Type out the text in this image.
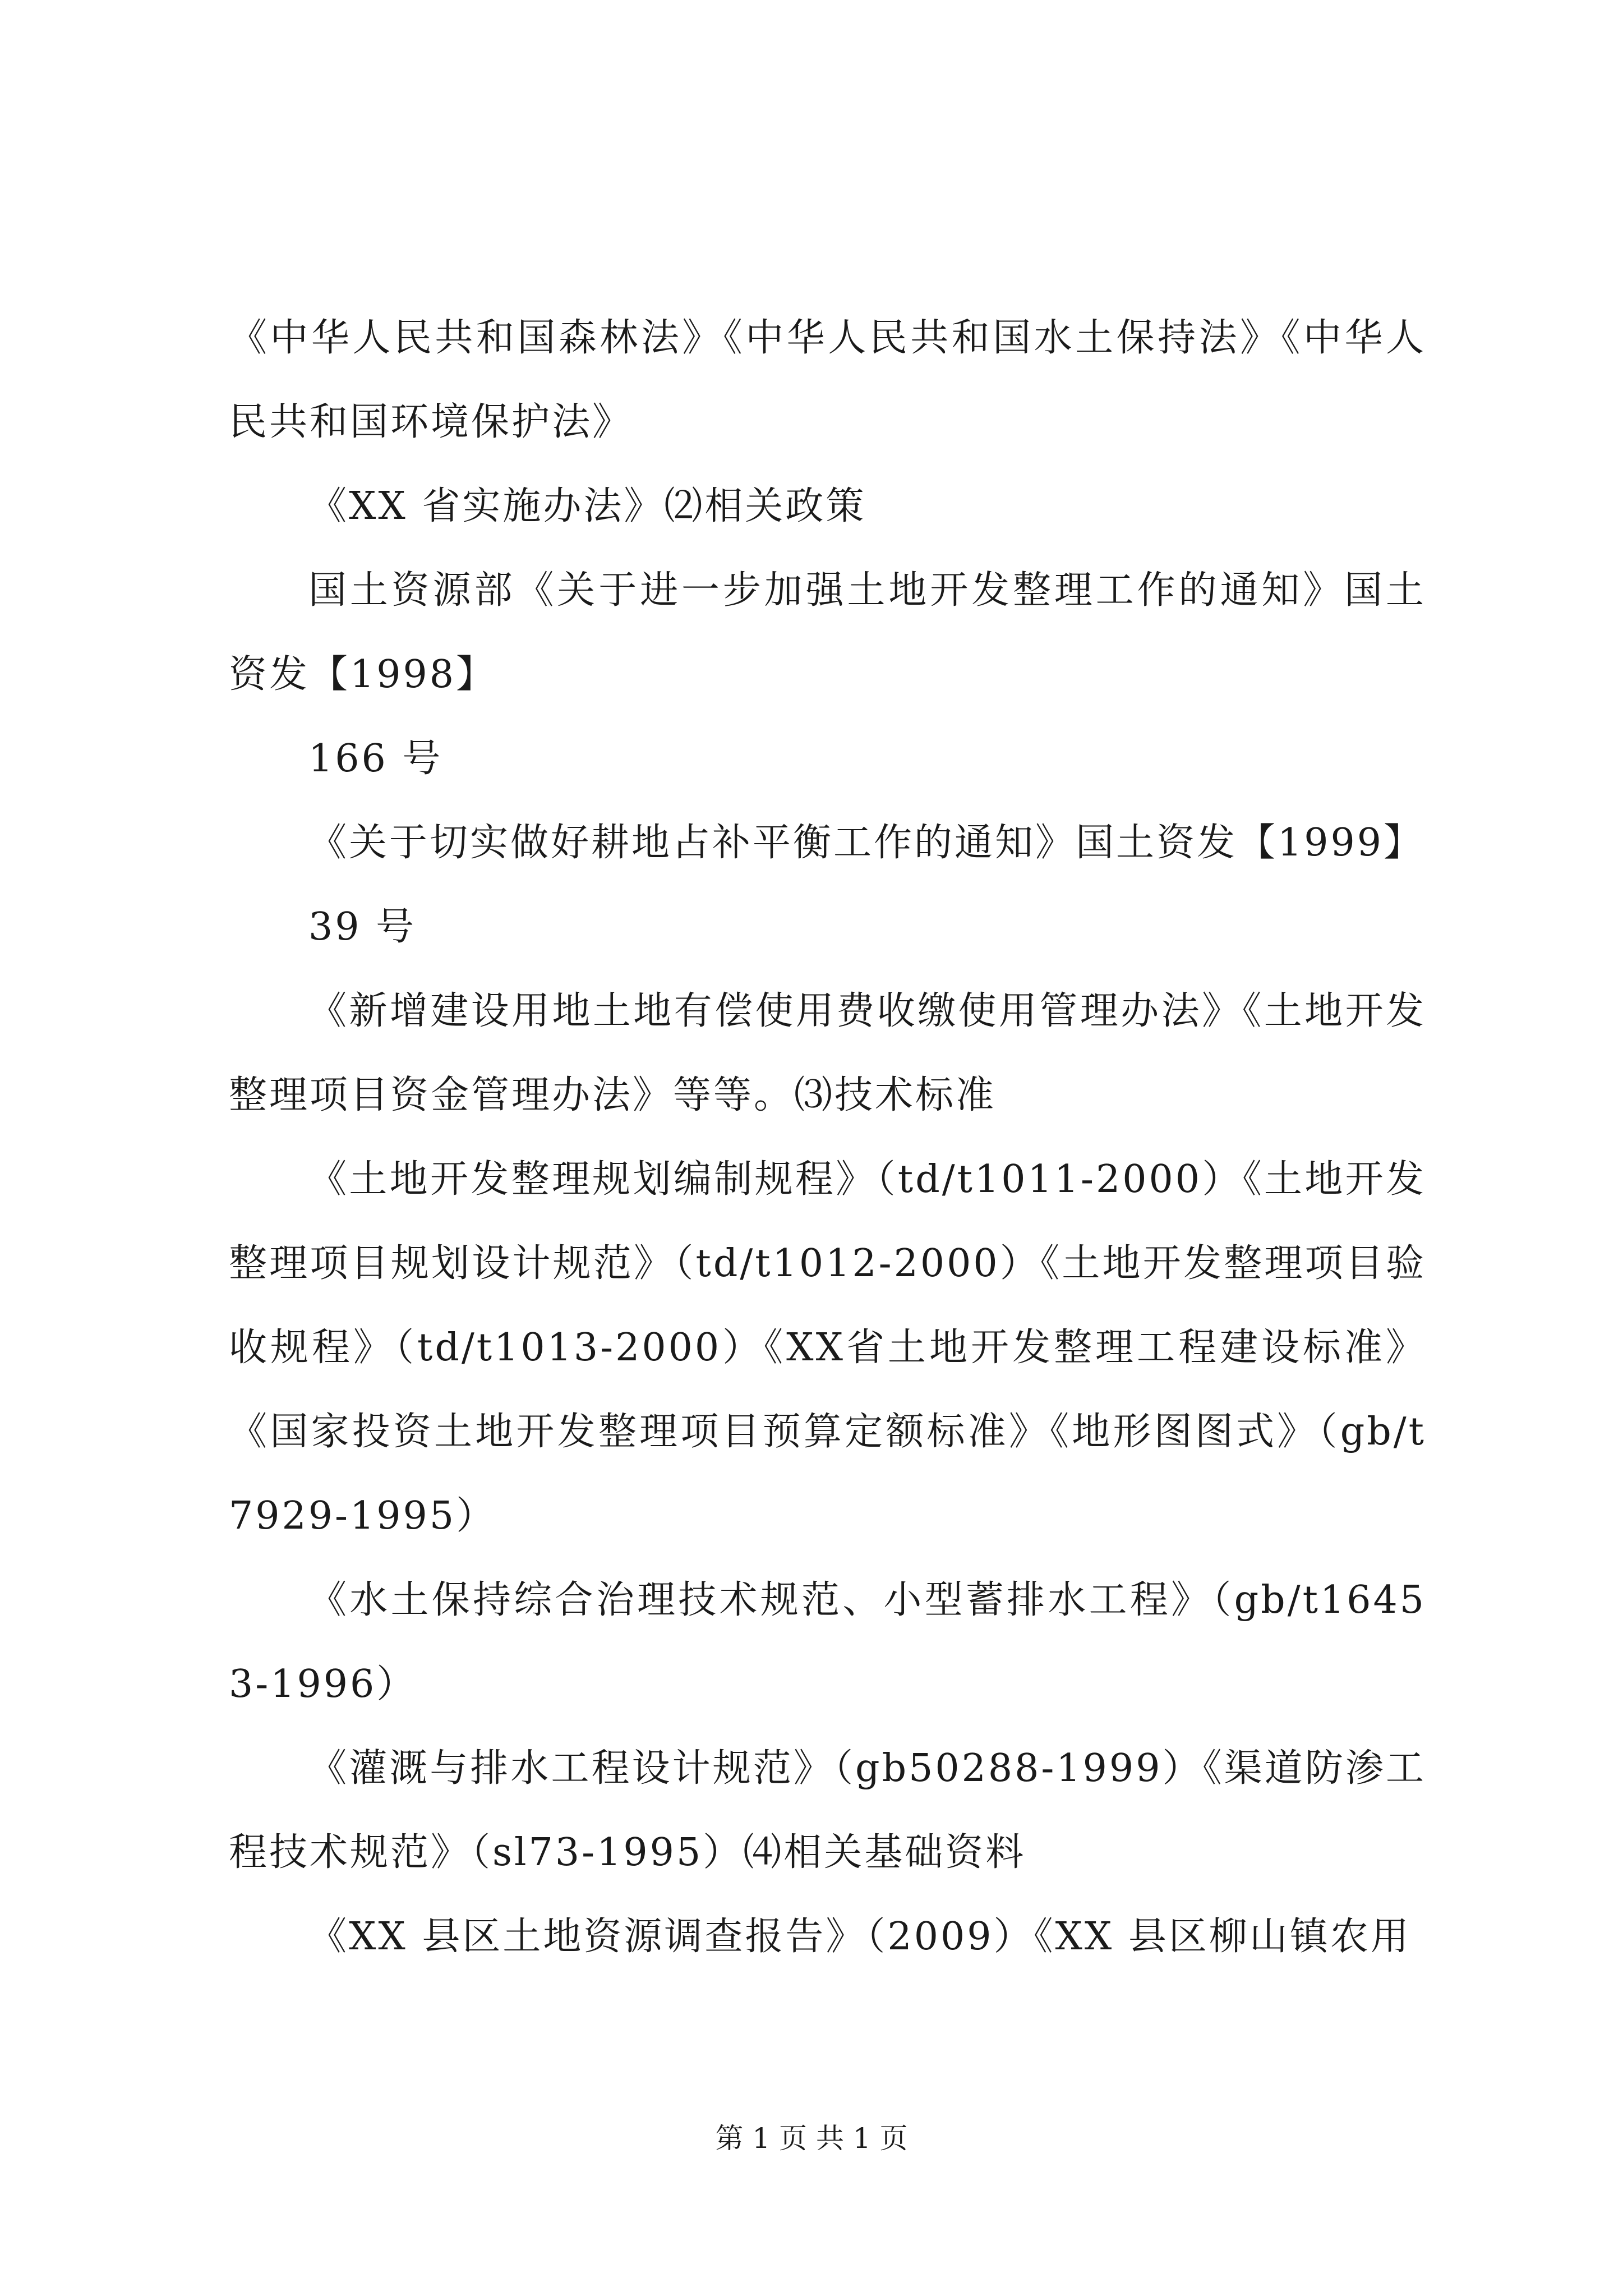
《中华人民共和国森林法》《中华人民共和国水土保持法》《中华人民共和国环境保护法》

《XX 省实施办法》⑵相关政策

国土资源部《关于进一步加强土地开发整理工作的通知》国土资发【1998】

166 号

《关于切实做好耕地占补平衡工作的通知》国土资发【1999】

39 号

《新增建设用地土地有偿使用费收缴使用管理办法》《土地开发整理项目资金管理办法》等等。⑶技术标准

《土地开发整理规划编制规程》（td/t1011-2000）《土地开发整理项目规划设计规范》（td/t1012-2000）《土地开发整理项目验收规程》（td/t1013-2000）《XX省土地开发整理工程建设标准》《国家投资土地开发整理项目预算定额标准》《地形图图式》（gb/t7929-1995）

《水土保持综合治理技术规范、小型蓄排水工程》（gb/t16453-1996）

《灌溉与排水工程设计规范》（gb50288-1999）《渠道防渗工程技术规范》（sl73-1995）⑷相关基础资料

《XX 县区土地资源调查报告》（2009）《XX 县区柳山镇农用

第 1 页 共 1 页
